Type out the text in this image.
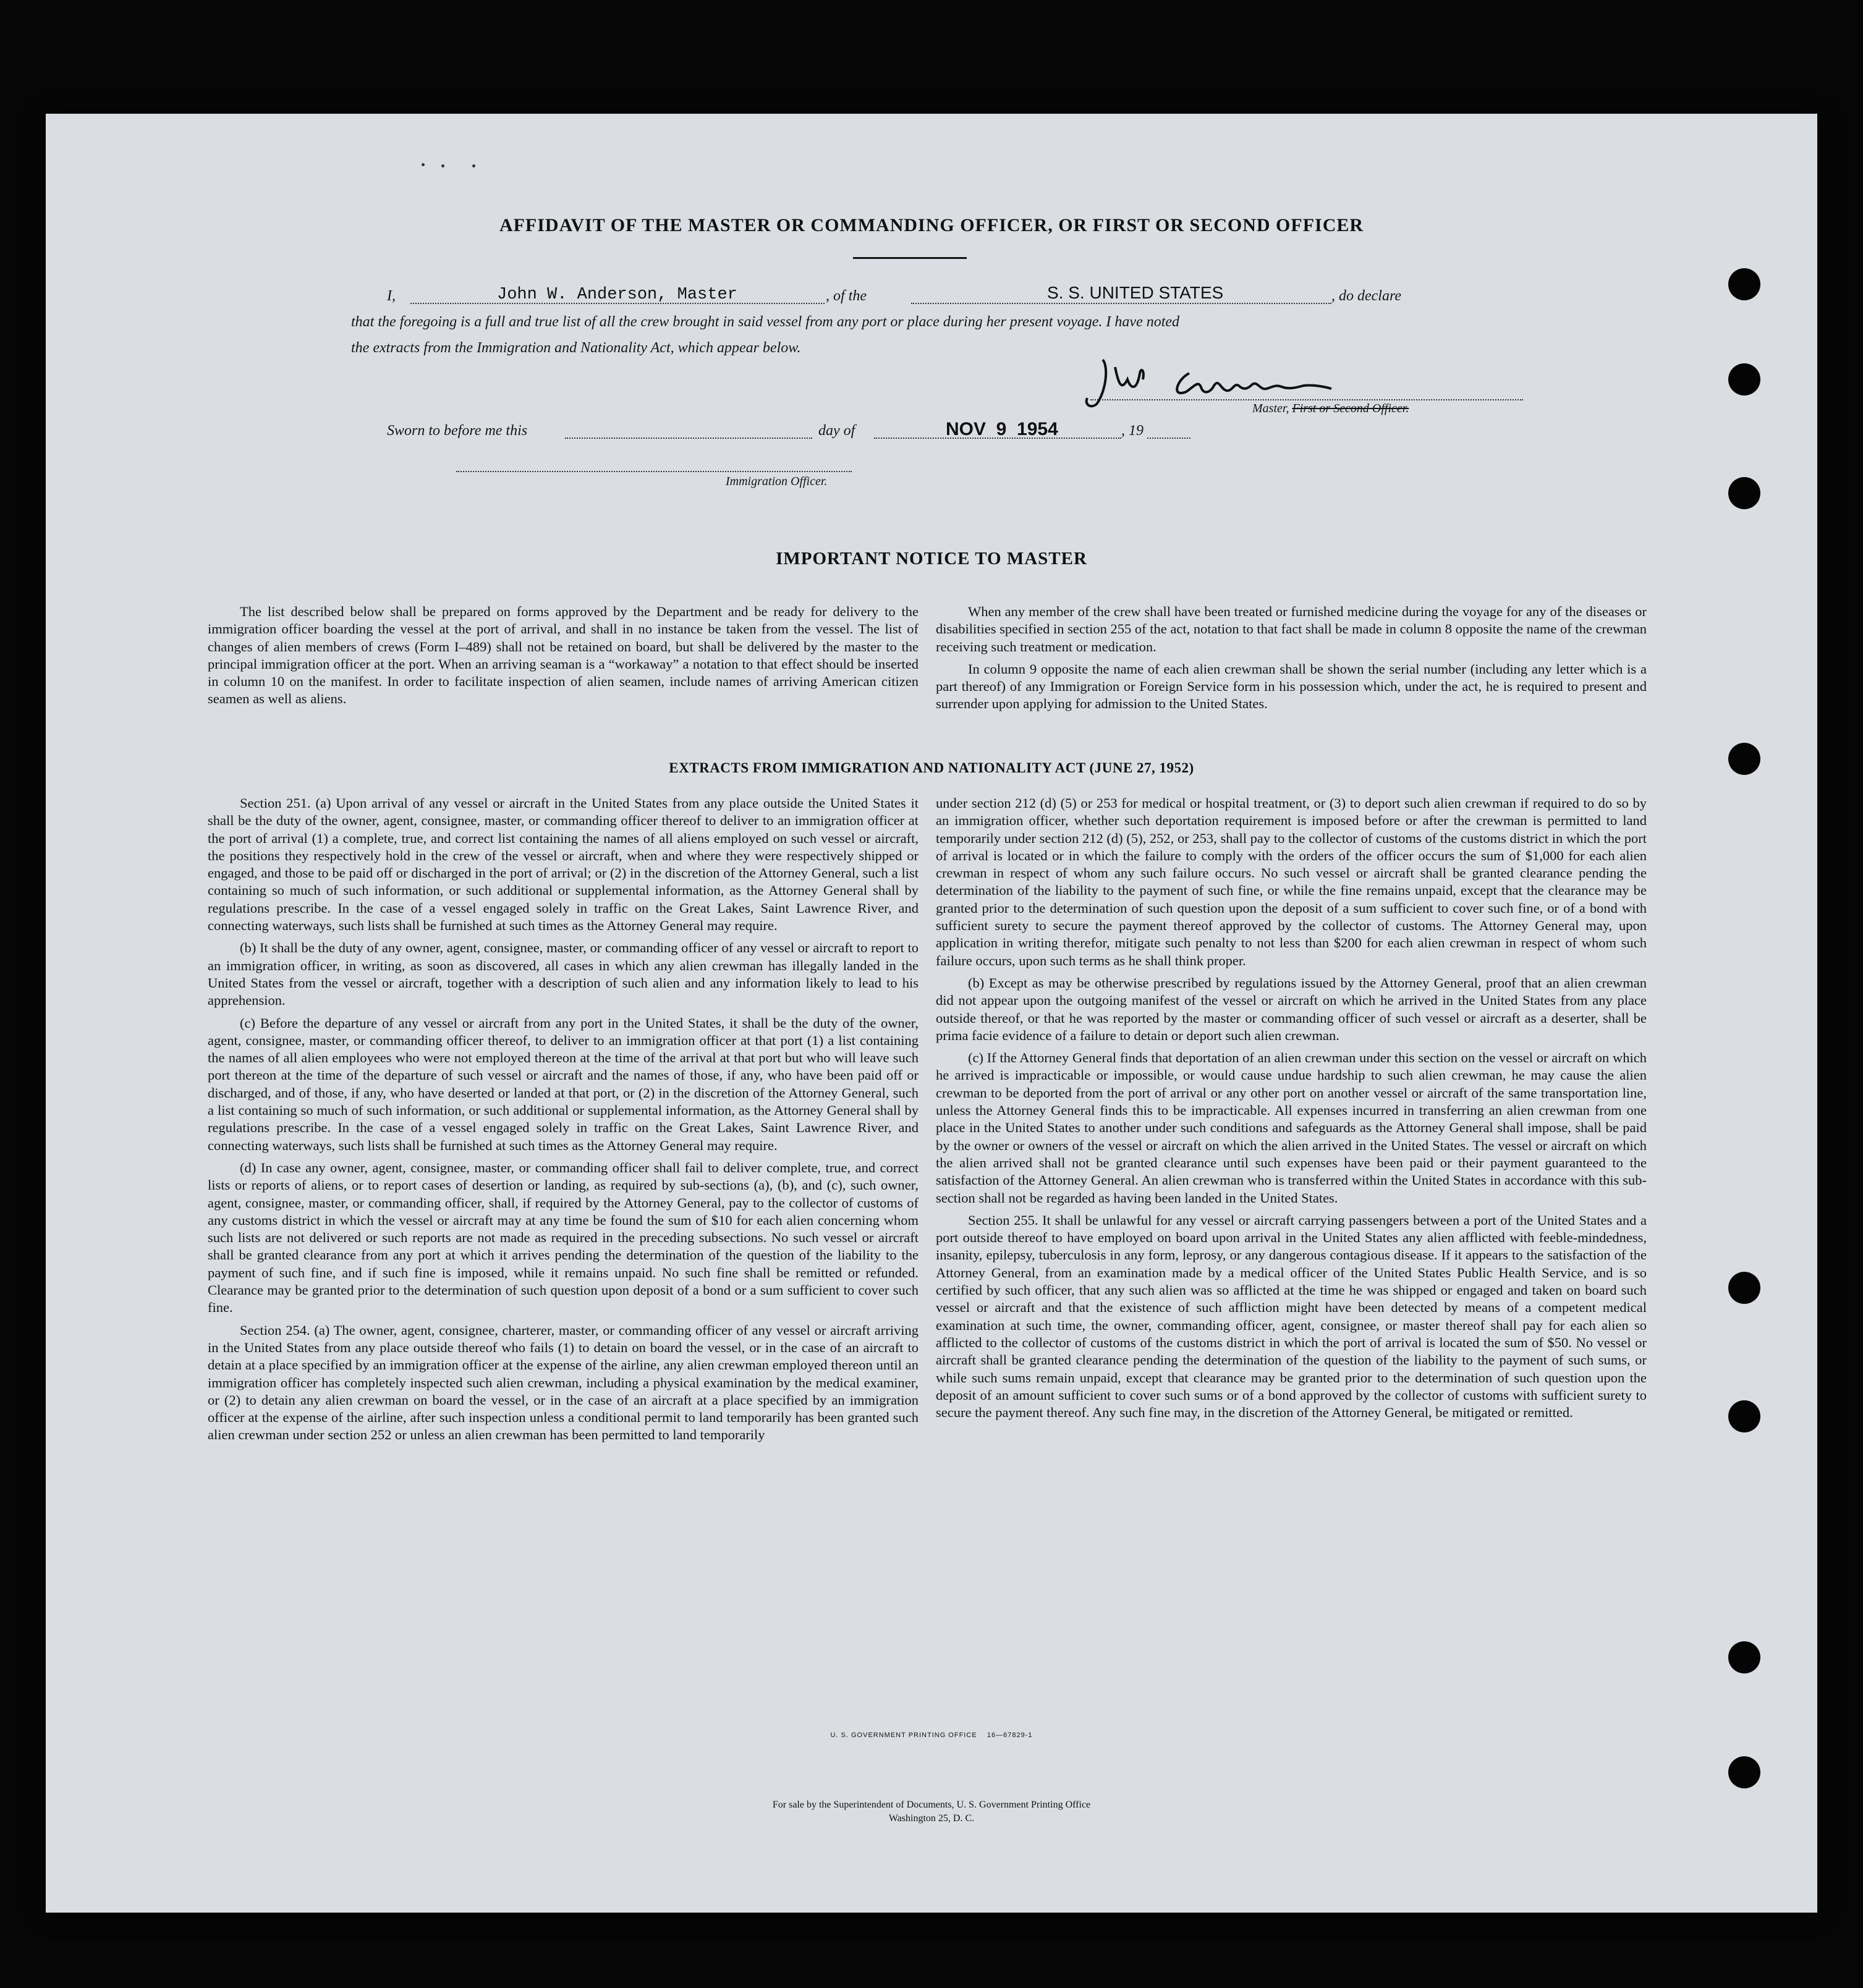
AFFIDAVIT OF THE MASTER OR COMMANDING OFFICER, OR FIRST OR SECOND OFFICER
I,	John W. Anderson, Master	, of the	S. S. UNITED STATES	, do declare
that the foregoing is a full and true list of all the crew brought in said vessel from any port or place during her present voyage. I have noted
the extracts from the Immigration and Nationality Act, which appear below.
Master, First or Second Officer.
Sworn to before me this	day of	NOV  9  1954	, 19
Immigration Officer.
IMPORTANT NOTICE TO MASTER

The list described below shall be prepared on forms approved by the Department and be ready for delivery to the immigration officer boarding the vessel at the port of arrival, and shall in no instance be taken from the vessel. The list of changes of alien members of crews (Form I–489) shall not be retained on board, but shall be delivered by the master to the principal immigration officer at the port. When an arriving seaman is a “workaway” a notation to that effect should be inserted in column 10 on the manifest. In order to facilitate inspection of alien seamen, include names of arriving American citizen seamen as well as aliens.

When any member of the crew shall have been treated or furnished medicine during the voyage for any of the diseases or disabilities specified in section 255 of the act, notation to that fact shall be made in column 8 opposite the name of the crewman receiving such treatment or medication.

In column 9 opposite the name of each alien crewman shall be shown the serial number (including any letter which is a part thereof) of any Immigration or Foreign Service form in his possession which, under the act, he is required to present and surrender upon applying for admission to the United States.

EXTRACTS FROM IMMIGRATION AND NATIONALITY ACT (JUNE 27, 1952)

Section 251. (a) Upon arrival of any vessel or aircraft in the United States from any place outside the United States it shall be the duty of the owner, agent, consignee, master, or commanding officer thereof to deliver to an immigration officer at the port of arrival (1) a complete, true, and correct list containing the names of all aliens employed on such vessel or aircraft, the positions they respectively hold in the crew of the vessel or aircraft, when and where they were respectively shipped or engaged, and those to be paid off or discharged in the port of arrival; or (2) in the discretion of the Attorney General, such a list containing so much of such information, or such additional or supplemental information, as the Attorney General shall by regulations prescribe. In the case of a vessel engaged solely in traffic on the Great Lakes, Saint Lawrence River, and connecting waterways, such lists shall be furnished at such times as the Attorney General may require.

(b) It shall be the duty of any owner, agent, consignee, master, or commanding officer of any vessel or aircraft to report to an immigration officer, in writing, as soon as discovered, all cases in which any alien crewman has illegally landed in the United States from the vessel or aircraft, together with a description of such alien and any information likely to lead to his apprehension.

(c) Before the departure of any vessel or aircraft from any port in the United States, it shall be the duty of the owner, agent, consignee, master, or commanding officer thereof, to deliver to an immigration officer at that port (1) a list containing the names of all alien employees who were not employed thereon at the time of the arrival at that port but who will leave such port thereon at the time of the departure of such vessel or aircraft and the names of those, if any, who have been paid off or discharged, and of those, if any, who have deserted or landed at that port, or (2) in the discretion of the Attorney General, such a list containing so much of such information, or such additional or supplemental information, as the Attorney General shall by regulations prescribe. In the case of a vessel engaged solely in traffic on the Great Lakes, Saint Lawrence River, and connecting waterways, such lists shall be furnished at such times as the Attorney General may require.

(d) In case any owner, agent, consignee, master, or commanding officer shall fail to deliver complete, true, and correct lists or reports of aliens, or to report cases of desertion or landing, as required by sub-sections (a), (b), and (c), such owner, agent, consignee, master, or commanding officer, shall, if required by the Attorney General, pay to the collector of customs of any customs district in which the vessel or aircraft may at any time be found the sum of $10 for each alien concerning whom such lists are not delivered or such reports are not made as required in the preceding subsections. No such vessel or aircraft shall be granted clearance from any port at which it arrives pending the determination of the question of the liability to the payment of such fine, and if such fine is imposed, while it remains unpaid. No such fine shall be remitted or refunded. Clearance may be granted prior to the determination of such question upon deposit of a bond or a sum sufficient to cover such fine.

Section 254. (a) The owner, agent, consignee, charterer, master, or commanding officer of any vessel or aircraft arriving in the United States from any place outside thereof who fails (1) to detain on board the vessel, or in the case of an aircraft to detain at a place specified by an immigration officer at the expense of the airline, any alien crewman employed thereon until an immigration officer has completely inspected such alien crewman, including a physical examination by the medical examiner, or (2) to detain any alien crewman on board the vessel, or in the case of an aircraft at a place specified by an immigration officer at the expense of the airline, after such inspection unless a conditional permit to land temporarily has been granted such alien crewman under section 252 or unless an alien crewman has been permitted to land temporarily

under section 212 (d) (5) or 253 for medical or hospital treatment, or (3) to deport such alien crewman if required to do so by an immigration officer, whether such deportation requirement is imposed before or after the crewman is permitted to land temporarily under section 212 (d) (5), 252, or 253, shall pay to the collector of customs of the customs district in which the port of arrival is located or in which the failure to comply with the orders of the officer occurs the sum of $1,000 for each alien crewman in respect of whom any such failure occurs. No such vessel or aircraft shall be granted clearance pending the determination of the liability to the payment of such fine, or while the fine remains unpaid, except that the clearance may be granted prior to the determination of such question upon the deposit of a sum sufficient to cover such fine, or of a bond with sufficient surety to secure the payment thereof approved by the collector of customs. The Attorney General may, upon application in writing therefor, mitigate such penalty to not less than $200 for each alien crewman in respect of whom such failure occurs, upon such terms as he shall think proper.

(b) Except as may be otherwise prescribed by regulations issued by the Attorney General, proof that an alien crewman did not appear upon the outgoing manifest of the vessel or aircraft on which he arrived in the United States from any place outside thereof, or that he was reported by the master or commanding officer of such vessel or aircraft as a deserter, shall be prima facie evidence of a failure to detain or deport such alien crewman.

(c) If the Attorney General finds that deportation of an alien crewman under this section on the vessel or aircraft on which he arrived is impracticable or impossible, or would cause undue hardship to such alien crewman, he may cause the alien crewman to be deported from the port of arrival or any other port on another vessel or aircraft of the same transportation line, unless the Attorney General finds this to be impracticable. All expenses incurred in transferring an alien crewman from one place in the United States to another under such conditions and safeguards as the Attorney General shall impose, shall be paid by the owner or owners of the vessel or aircraft on which the alien arrived in the United States. The vessel or aircraft on which the alien arrived shall not be granted clearance until such expenses have been paid or their payment guaranteed to the satisfaction of the Attorney General. An alien crewman who is transferred within the United States in accordance with this sub-section shall not be regarded as having been landed in the United States.

Section 255. It shall be unlawful for any vessel or aircraft carrying passengers between a port of the United States and a port outside thereof to have employed on board upon arrival in the United States any alien afflicted with feeble-mindedness, insanity, epilepsy, tuberculosis in any form, leprosy, or any dangerous contagious disease. If it appears to the satisfaction of the Attorney General, from an examination made by a medical officer of the United States Public Health Service, and is so certified by such officer, that any such alien was so afflicted at the time he was shipped or engaged and taken on board such vessel or aircraft and that the existence of such affliction might have been detected by means of a competent medical examination at such time, the owner, commanding officer, agent, consignee, or master thereof shall pay for each alien so afflicted to the collector of customs of the customs district in which the port of arrival is located the sum of $50. No vessel or aircraft shall be granted clearance pending the determination of the question of the liability to the payment of such sums, or while such sums remain unpaid, except that clearance may be granted prior to the determination of such question upon the deposit of an amount sufficient to cover such sums or of a bond approved by the collector of customs with sufficient surety to secure the payment thereof. Any such fine may, in the discretion of the Attorney General, be mitigated or remitted.

U. S. GOVERNMENT PRINTING OFFICE    16—67829-1
For sale by the Superintendent of Documents, U. S. Government Printing Office
Washington 25, D. C.
